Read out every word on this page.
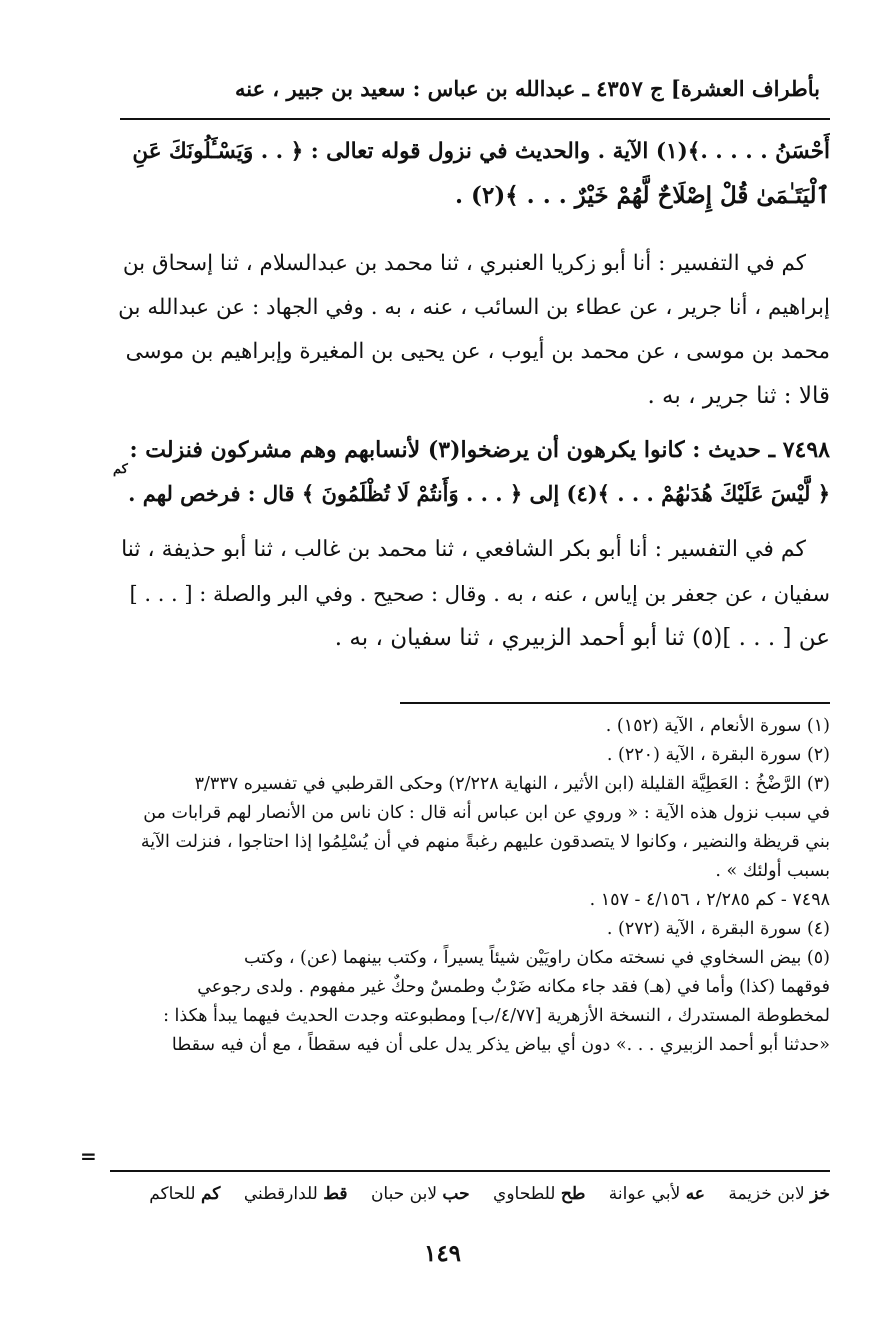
بأطراف العشرة] ج ٧
٤٣٥ ـ عبدالله بن عباس : سعيد بن جبير ، عنه
أَحْسَنُ . . . . .﴾(١) الآية . والحديث في نزول قوله تعالى : ﴿ . . وَيَسْـَٔلُونَكَ عَنِ
ٱلْيَتَـٰمَىٰ قُلْ إِصْلَاحٌ لَّهُمْ خَيْرٌ . . . ﴾(٢) .
كم في التفسير : أنا أبو زكريا العنبري ، ثنا محمد بن عبدالسلام ، ثنا إسحاق بن
إبراهيم ، أنا جرير ، عن عطاء بن السائب ، عنه ، به . وفي الجهاد : عن عبدالله بن
محمد بن موسى ، عن محمد بن أيوب ، عن يحيى بن المغيرة وإبراهيم بن موسى
قالا : ثنا جرير ، به .
٧٤٩٨ ـ حديث : كانوا يكرهون أن يرضخوا(٣) لأنسابهم وهم مشركون فنزلت :
﴿ لَّيْسَ عَلَيْكَ هُدَىٰهُمْ . . . ﴾(٤) إلى ﴿ . . . وَأَنتُمْ لَا تُظْلَمُونَ ﴾ قال : فرخص لهم .
كم
كم في التفسير : أنا أبو بكر الشافعي ، ثنا محمد بن غالب ، ثنا أبو حذيفة ، ثنا
سفيان ، عن جعفر بن إياس ، عنه ، به . وقال : صحيح . وفي البر والصلة : [ . . . ]
عن [ . . . ](٥) ثنا أبو أحمد الزبيري ، ثنا سفيان ، به .
(١) سورة الأنعام ، الآية (١٥٢) .
(٢) سورة البقرة ، الآية (٢٢٠) .
(٣) الرَّضْخُ : العَطِيَّة القليلة (ابن الأثير ، النهاية ٢/٢٢٨) وحكى القرطبي في تفسيره ٣/٣٣٧
في سبب نزول هذه الآية : « وروي عن ابن عباس أنه قال : كان ناس من الأنصار لهم قرابات من
بني قريظة والنضير ، وكانوا لا يتصدقون عليهم رغبةً منهم في أن يُسْلِمُوا إذا احتاجوا ، فنزلت الآية
بسبب أولئك » .
٧٤٩٨ - كم ٢/٢٨٥ ، ٤/١٥٦ - ١٥٧ .
(٤) سورة البقرة ، الآية (٢٧٢) .
(٥) بيض السخاوي في نسخته مكان راويَيْن شيئاً يسيراً ، وكتب بينهما (عن) ، وكتب
فوقهما (كذا) وأما في (هـ) فقد جاء مكانه ضَرْبٌ وطمسٌ وحكٌ غير مفهوم . ولدى رجوعي
لمخطوطة المستدرك ، النسخة الأزهرية [٤/٧٧/ب] ومطبوعته وجدت الحديث فيهما يبدأ هكذا :
«حدثنا أبو أحمد الزبيري . . .» دون أي بياض يذكر يدل على أن فيه سقطاً ، مع أن فيه سقطا
=
خز لابن خزيمة عه لأبي عوانة طح للطحاوي حب لابن حبان قط للدارقطني كم للحاكم
١٤٩
